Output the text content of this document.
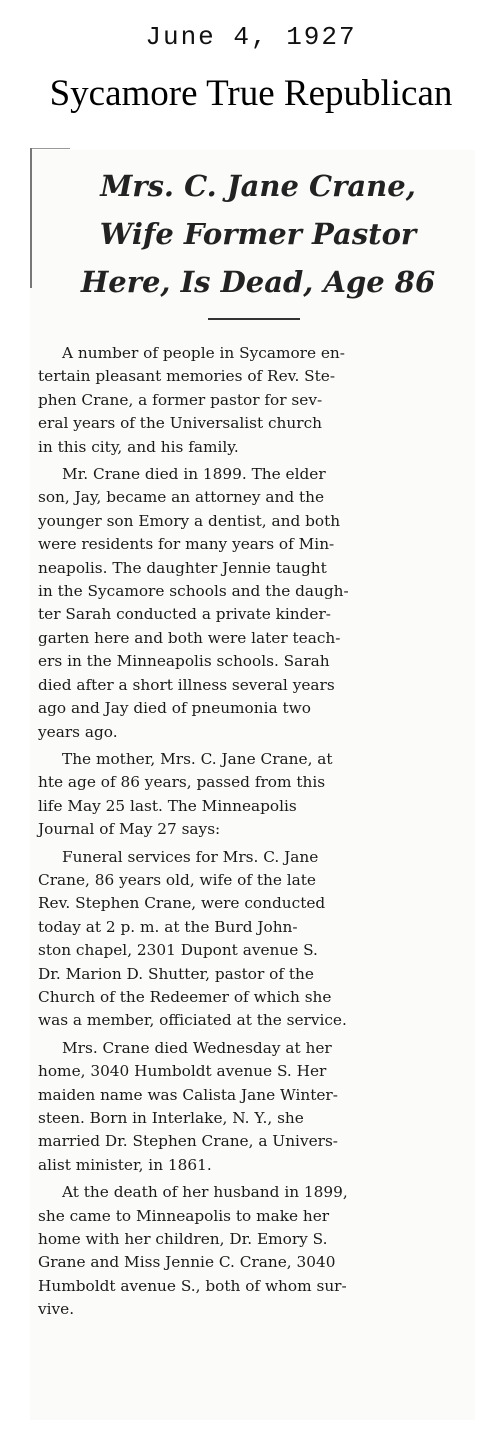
June 4, 1927
Sycamore True Republican
Mrs. C. Jane Crane,
Wife Former Pastor
Here, Is Dead, Age 86
A number of people in Sycamore en-
tertain pleasant memories of Rev. Ste-
phen Crane, a former pastor for sev-
eral years of the Universalist church
in this city, and his family.
Mr. Crane died in 1899. The elder
son, Jay, became an attorney and the
younger son Emory a dentist, and both
were residents for many years of Min-
neapolis. The daughter Jennie taught
in the Sycamore schools and the daugh-
ter Sarah conducted a private kinder-
garten here and both were later teach-
ers in the Minneapolis schools. Sarah
died after a short illness several years
ago and Jay died of pneumonia two
years ago.
The mother, Mrs. C. Jane Crane, at
hte age of 86 years, passed from this
life May 25 last. The Minneapolis
Journal of May 27 says:
Funeral services for Mrs. C. Jane
Crane, 86 years old, wife of the late
Rev. Stephen Crane, were conducted
today at 2 p. m. at the Burd John-
ston chapel, 2301 Dupont avenue S.
Dr. Marion D. Shutter, pastor of the
Church of the Redeemer of which she
was a member, officiated at the service.
Mrs. Crane died Wednesday at her
home, 3040 Humboldt avenue S. Her
maiden name was Calista Jane Winter-
steen. Born in Interlake, N. Y., she
married Dr. Stephen Crane, a Univers-
alist minister, in 1861.
At the death of her husband in 1899,
she came to Minneapolis to make her
home with her children, Dr. Emory S.
Grane and Miss Jennie C. Crane, 3040
Humboldt avenue S., both of whom sur-
vive.
